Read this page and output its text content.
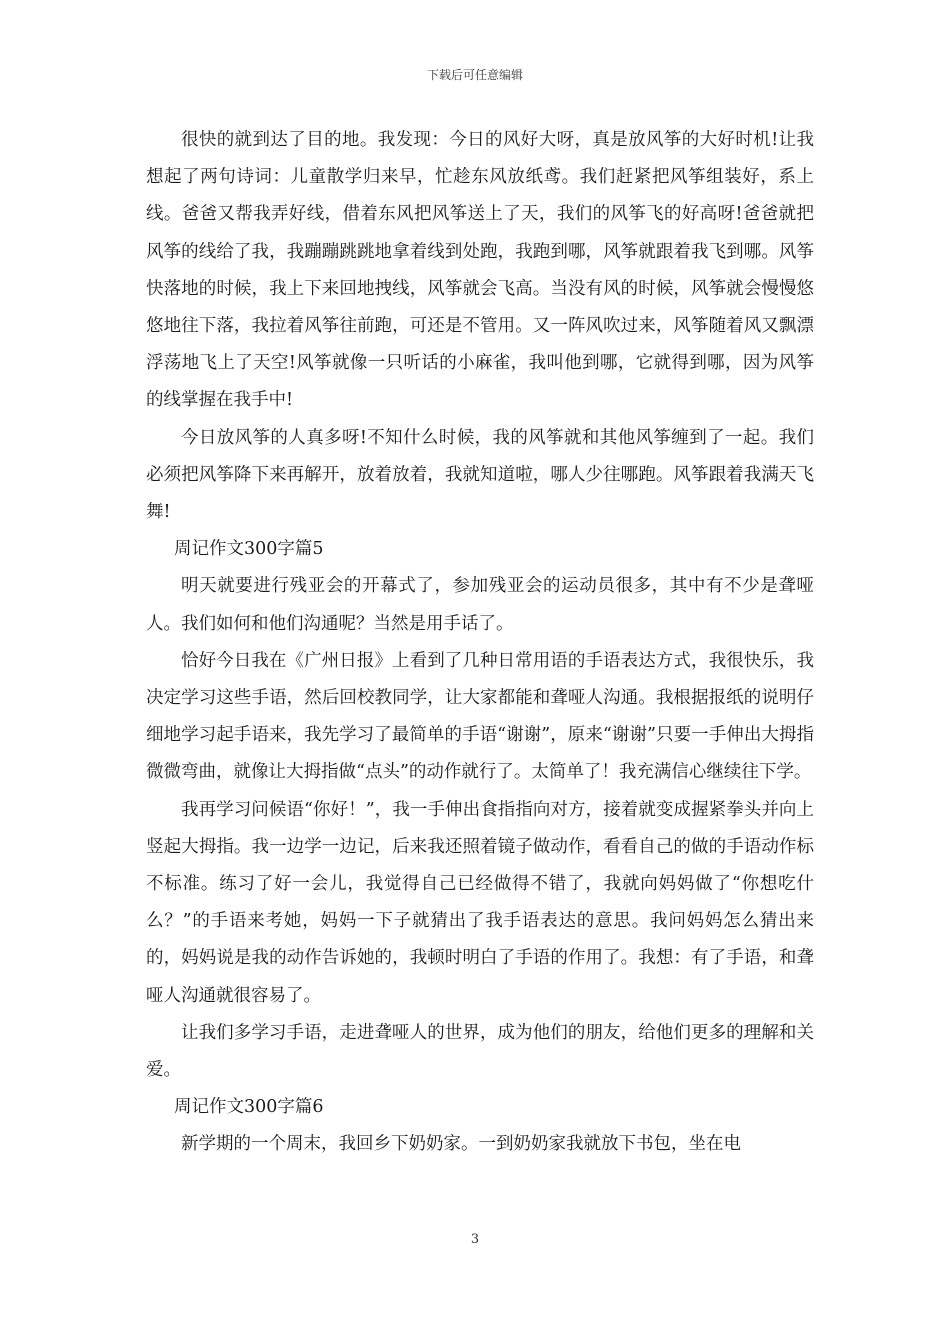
下载后可任意编辑

很快的就到达了目的地。我发现：今日的风好大呀，真是放风筝的大好时机!让我想起了两句诗词：儿童散学归来早，忙趁东风放纸鸢。我们赶紧把风筝组装好，系上线。爸爸又帮我弄好线，借着东风把风筝送上了天，我们的风筝飞的好高呀!爸爸就把风筝的线给了我，我蹦蹦跳跳地拿着线到处跑，我跑到哪，风筝就跟着我飞到哪。风筝快落地的时候，我上下来回地拽线，风筝就会飞高。当没有风的时候，风筝就会慢慢悠悠地往下落，我拉着风筝往前跑，可还是不管用。又一阵风吹过来，风筝随着风又飘漂浮荡地飞上了天空!风筝就像一只听话的小麻雀，我叫他到哪，它就得到哪，因为风筝的线掌握在我手中!

今日放风筝的人真多呀!不知什么时候，我的风筝就和其他风筝缠到了一起。我们必须把风筝降下来再解开，放着放着，我就知道啦，哪人少往哪跑。风筝跟着我满天飞舞!

周记作文300字篇5

明天就要进行残亚会的开幕式了，参加残亚会的运动员很多，其中有不少是聋哑人。我们如何和他们沟通呢？当然是用手话了。

恰好今日我在《广州日报》上看到了几种日常用语的手语表达方式，我很快乐，我决定学习这些手语，然后回校教同学，让大家都能和聋哑人沟通。我根据报纸的说明仔细地学习起手语来，我先学习了最简单的手语“谢谢”，原来“谢谢”只要一手伸出大拇指微微弯曲，就像让大拇指做“点头”的动作就行了。太简单了！我充满信心继续往下学。

我再学习问候语“你好！”，我一手伸出食指指向对方，接着就变成握紧拳头并向上竖起大拇指。我一边学一边记，后来我还照着镜子做动作，看看自己的做的手语动作标不标准。练习了好一会儿，我觉得自己已经做得不错了，我就向妈妈做了“你想吃什么？”的手语来考她，妈妈一下子就猜出了我手语表达的意思。我问妈妈怎么猜出来的，妈妈说是我的动作告诉她的，我顿时明白了手语的作用了。我想：有了手语，和聋哑人沟通就很容易了。

让我们多学习手语，走进聋哑人的世界，成为他们的朋友，给他们更多的理解和关爱。

周记作文300字篇6

新学期的一个周末，我回乡下奶奶家。一到奶奶家我就放下书包，坐在电

3
